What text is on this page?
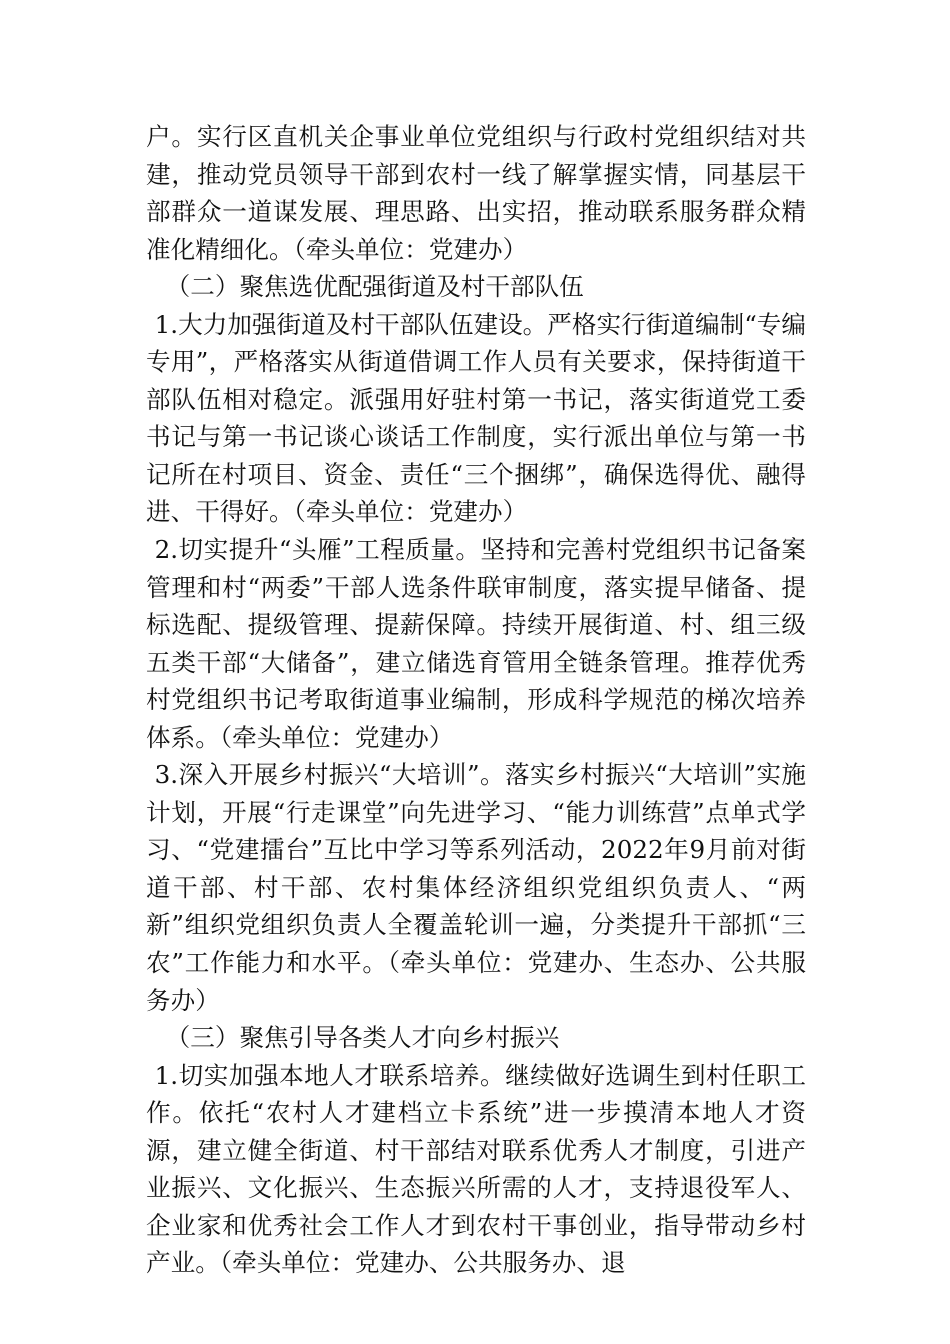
户。实行区直机关企事业单位党组织与行政村党组织结对共建，推动党员领导干部到农村一线了解掌握实情，同基层干部群众一道谋发展、理思路、出实招，推动联系服务群众精准化精细化。（牵头单位：党建办）

（二）聚焦选优配强街道及村干部队伍

1.大力加强街道及村干部队伍建设。严格实行街道编制“专编专用”，严格落实从街道借调工作人员有关要求，保持街道干部队伍相对稳定。派强用好驻村第一书记，落实街道党工委书记与第一书记谈心谈话工作制度，实行派出单位与第一书记所在村项目、资金、责任“三个捆绑”，确保选得优、融得进、干得好。（牵头单位：党建办）

2.切实提升“头雁”工程质量。坚持和完善村党组织书记备案管理和村“两委”干部人选条件联审制度，落实提早储备、提标选配、提级管理、提薪保障。持续开展街道、村、组三级五类干部“大储备”，建立储选育管用全链条管理。推荐优秀村党组织书记考取街道事业编制，形成科学规范的梯次培养体系。（牵头单位：党建办）

3.深入开展乡村振兴“大培训”。落实乡村振兴“大培训”实施计划，开展“行走课堂”向先进学习、“能力训练营”点单式学习、“党建擂台”互比中学习等系列活动，2022年9月前对街道干部、村干部、农村集体经济组织党组织负责人、“两新”组织党组织负责人全覆盖轮训一遍，分类提升干部抓“三农”工作能力和水平。（牵头单位：党建办、生态办、公共服务办）

（三）聚焦引导各类人才向乡村振兴

1.切实加强本地人才联系培养。继续做好选调生到村任职工作。依托“农村人才建档立卡系统”进一步摸清本地人才资源，建立健全街道、村干部结对联系优秀人才制度，引进产业振兴、文化振兴、生态振兴所需的人才，支持退役军人、企业家和优秀社会工作人才到农村干事创业，指导带动乡村产业。（牵头单位：党建办、公共服务办、退
